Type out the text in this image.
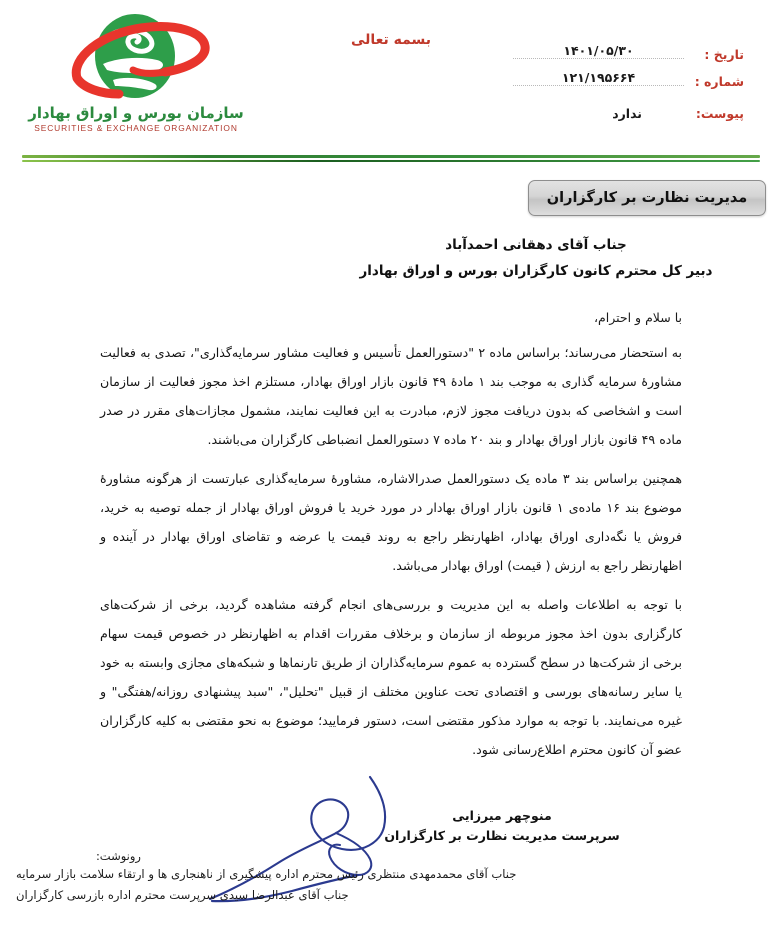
بسمه تعالی
سازمان بورس و اوراق بهادار
SECURITIES & EXCHANGE ORGANIZATION
تاریخ :
۱۴۰۱/۰۵/۳۰
شماره :
۱۲۱/۱۹۵۶۶۴
پیوست:
ندارد
مدیریت نظارت بر کارگزاران
جناب آقای دهقانی احمدآباد
دبیر کل محترم کانون کارگزاران بورس و اوراق بهادار
با سلام و احترام،

به استحضار می‌رساند؛ براساس ماده ۲ "دستورالعمل تأسیس و فعالیت مشاور سرمایه‌گذاری"، تصدی به فعالیت مشاورهٔ سرمایه گذاری به موجب بند ۱ مادهٔ ۴۹ قانون بازار اوراق بهادار، مستلزم اخذ مجوز فعالیت از سازمان است و اشخاصی که بدون دریافت مجوز لازم، مبادرت به این فعالیت نمایند، مشمول مجازات‌های مقرر در صدر ماده ۴۹ قانون بازار اوراق بهادار و بند ۲۰ ماده ۷ دستورالعمل انضباطی کارگزاران می‌باشند.

همچنین براساس بند ۳ ماده یک دستورالعمل صدرالاشاره، مشاورهٔ سرمایه‌گذاری عبارتست از هرگونه مشاورهٔ موضوع بند ۱۶ ماده‌ی ۱ قانون بازار اوراق بهادار در مورد خرید یا فروش اوراق بهادار از جمله توصیه به خرید، فروش یا نگه‌داری اوراق بهادار، اظهارنظر راجع به روند قیمت یا عرضه و تقاضای اوراق بهادار در آینده و اظهارنظر راجع به ارزش ( قیمت) اوراق بهادار می‌باشد.

با توجه به اطلاعات واصله به این مدیریت و بررسی‌های انجام گرفته مشاهده گردید، برخی از شرکت‌های کارگزاری بدون اخذ مجوز مربوطه از سازمان و برخلاف مقررات اقدام به اظهارنظر در خصوص قیمت سهام برخی از شرکت‌ها در سطح گسترده به عموم سرمایه‌گذاران از طریق تارنماها و شبکه‌های مجازی وابسته به خود یا سایر رسانه‌های بورسی و اقتصادی تحت عناوین مختلف از قبیل "تحلیل"، "سبد پیشنهادی روزانه/هفتگی" و غیره می‌نمایند. با توجه به موارد مذکور مقتضی است، دستور فرمایید؛ موضوع به نحو مقتضی به کلیه کارگزاران عضو آن کانون محترم اطلاع‌رسانی شود.

منوچهر میرزایی
سرپرست مدیریت نظارت بر کارگزاران
رونوشت:
جناب آقای محمدمهدی منتظری رئیس محترم اداره پیشگیری از ناهنجاری ها و ارتقاء سلامت بازار سرمایه
جناب آقای عبدالرضا سیدی سرپرست محترم اداره بازرسی کارگزاران
